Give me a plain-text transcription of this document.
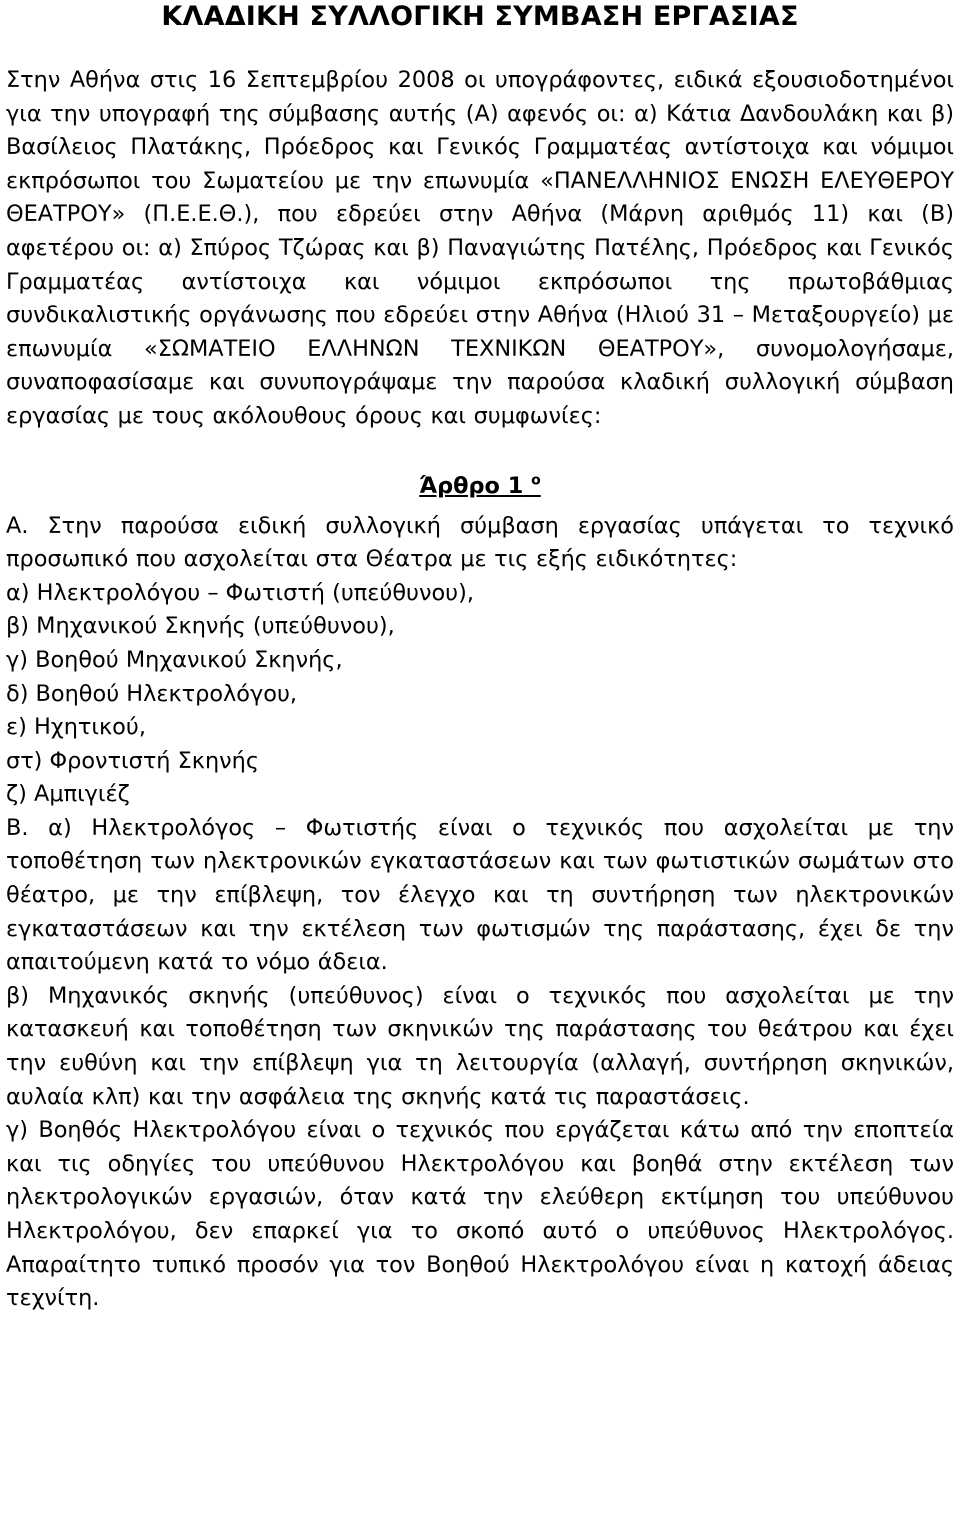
ΚΛΑΔΙΚΗ ΣΥΛΛΟΓΙΚΗ ΣΥΜΒΑΣΗ ΕΡΓΑΣΙΑΣ

Στην Αθήνα στις 16 Σεπτεμβρίου 2008 οι υπογράφοντες, ειδικά εξουσιοδοτημένοι για την υπογραφή της σύμβασης αυτής (Α) αφενός οι: α) Κάτια Δανδουλάκη και β) Βασίλειος Πλατάκης, Πρόεδρος και Γενικός Γραμματέας αντίστοιχα και νόμιμοι εκπρόσωποι του Σωματείου με την επωνυμία «ΠΑΝΕΛΛΗΝΙΟΣ ΕΝΩΣΗ ΕΛΕΥΘΕΡΟΥ ΘΕΑΤΡΟΥ» (Π.Ε.Ε.Θ.), που εδρεύει στην Αθήνα (Μάρνη αριθμός 11) και (Β) αφετέρου οι: α) Σπύρος Τζώρας και β) Παναγιώτης Πατέλης, Πρόεδρος και Γενικός Γραμματέας αντίστοιχα και νόμιμοι εκπρόσωποι της πρωτοβάθμιας συνδικαλιστικής οργάνωσης που εδρεύει στην Αθήνα (Ηλιού 31 – Μεταξουργείο) με επωνυμία «ΣΩΜΑΤΕΙΟ ΕΛΛΗΝΩΝ ΤΕΧΝΙΚΩΝ ΘΕΑΤΡΟΥ», συνομολογήσαμε, συναποφασίσαμε και συνυπογράψαμε την παρούσα κλαδική συλλογική σύμβαση εργασίας με τους ακόλουθους όρους και συμφωνίες:

Άρθρο 1 $^o$

Α. Στην παρούσα ειδική συλλογική σύμβαση εργασίας υπάγεται το τεχνικό προσωπικό που ασχολείται στα Θέατρα με τις εξής ειδικότητες:

α) Ηλεκτρολόγου – Φωτιστή (υπεύθυνου),

β) Μηχανικού Σκηνής (υπεύθυνου),

γ) Βοηθού Μηχανικού Σκηνής,

δ) Βοηθού Ηλεκτρολόγου,

ε) Ηχητικού,

στ) Φροντιστή Σκηνής

ζ) Αμπιγιέζ

Β. α) Ηλεκτρολόγος – Φωτιστής είναι ο τεχνικός που ασχολείται με την τοποθέτηση των ηλεκτρονικών εγκαταστάσεων και των φωτιστικών σωμάτων στο θέατρο, με την επίβλεψη, τον έλεγχο και τη συντήρηση των ηλεκτρονικών εγκαταστάσεων και την εκτέλεση των φωτισμών της παράστασης, έχει δε την απαιτούμενη κατά το νόμο άδεια.

β) Μηχανικός σκηνής (υπεύθυνος) είναι ο τεχνικός που ασχολείται με την κατασκευή και τοποθέτηση των σκηνικών της παράστασης του θεάτρου και έχει την ευθύνη και την επίβλεψη για τη λειτουργία (αλλαγή, συντήρηση σκηνικών, αυλαία κλπ) και την ασφάλεια της σκηνής κατά τις παραστάσεις.

γ) Βοηθός Ηλεκτρολόγου είναι ο τεχνικός που εργάζεται κάτω από την εποπτεία και τις οδηγίες του υπεύθυνου Ηλεκτρολόγου και βοηθά στην εκτέλεση των ηλεκτρολογικών εργασιών, όταν κατά την ελεύθερη εκτίμηση του υπεύθυνου Ηλεκτρολόγου, δεν επαρκεί για το σκοπό αυτό ο υπεύθυνος Ηλεκτρολόγος. Απαραίτητο τυπικό προσόν για τον Βοηθού Ηλεκτρολόγου είναι η κατοχή άδειας τεχνίτη.
